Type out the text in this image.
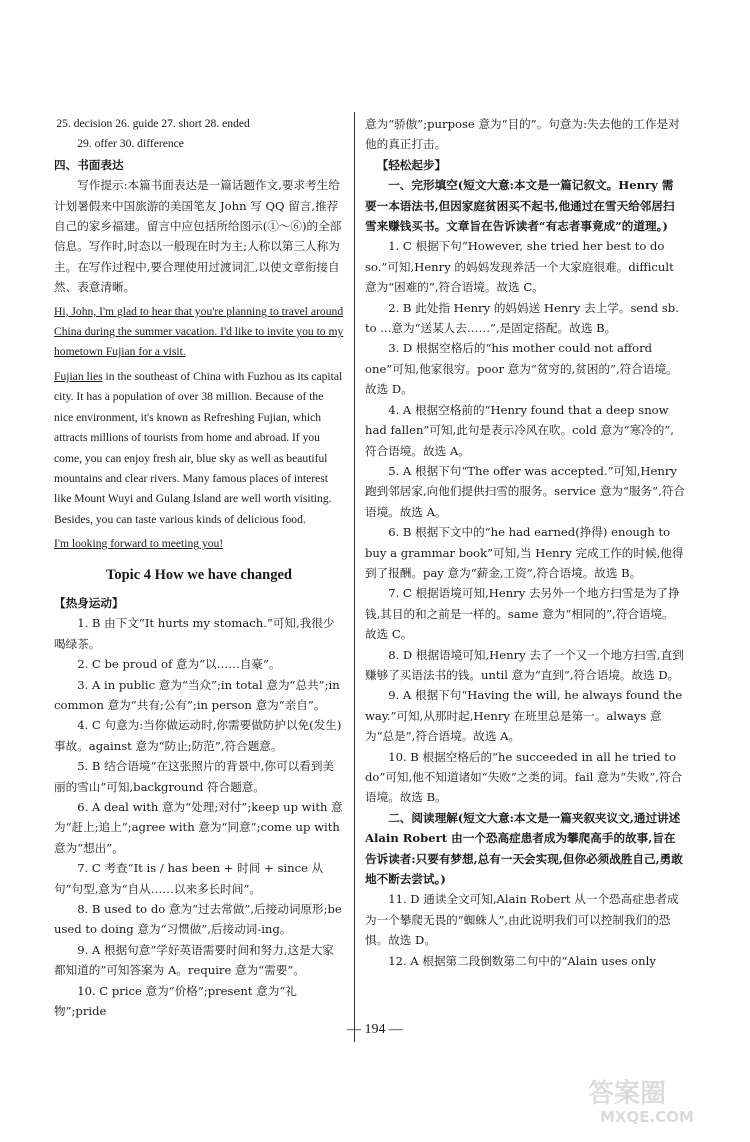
25. decision 26. guide 27. short 28. ended

29. offer 30. difference

四、书面表达

写作提示:本篇书面表达是一篇话题作文,要求考生给计划暑假来中国旅游的美国笔友 John 写 QQ 留言,推荐自己的家乡福建。留言中应包括所给图示(①～⑥)的全部信息。写作时,时态以一般现在时为主;人称以第三人称为主。在写作过程中,要合理使用过渡词汇,以使文章衔接自然、表意清晰。

Hi, John, I'm glad to hear that you're planning to travel around China during the summer vacation. I'd like to invite you to my hometown Fujian for a visit.

Fujian lies in the southeast of China with Fuzhou as its capital city. It has a population of over 38 million. Because of the nice environment, it's known as Refreshing Fujian, which attracts millions of tourists from home and abroad. If you come, you can enjoy fresh air, blue sky as well as beautiful mountains and clear rivers. Many famous places of interest like Mount Wuyi and Gulang Island are well worth visiting. Besides, you can taste various kinds of delicious food.

I'm looking forward to meeting you!

Topic 4 How we have changed

【热身运动】

1. B 由下文“It hurts my stomach.”可知,我很少喝绿茶。

2. C be proud of 意为“以……自豪”。

3. A in public 意为“当众”;in total 意为“总共”;in common 意为“共有;公有”;in person 意为“亲自”。

4. C 句意为:当你做运动时,你需要做防护以免(发生)事故。against 意为“防止;防范”,符合题意。

5. B 结合语境“在这张照片的背景中,你可以看到美丽的雪山”可知,background 符合题意。

6. A deal with 意为“处理;对付”;keep up with 意为“赶上;追上”;agree with 意为“同意”;come up with 意为“想出”。

7. C 考查“It is / has been + 时间 + since 从句”句型,意为“自从……以来多长时间”。

8. B used to do 意为“过去常做”,后接动词原形;be used to doing 意为“习惯做”,后接动词-ing。

9. A 根据句意“学好英语需要时间和努力,这是大家都知道的”可知答案为 A。require 意为“需要”。

10. C price 意为“价格”;present 意为“礼物”;pride

意为“骄傲”;purpose 意为“目的”。句意为:失去他的工作是对他的真正打击。

【轻松起步】

一、完形填空(短文大意:本文是一篇记叙文。Henry 需要一本语法书,但因家庭贫困买不起书,他通过在雪天给邻居扫雪来赚钱买书。文章旨在告诉读者“有志者事竟成”的道理。)

1. C 根据下句“However, she tried her best to do so.”可知,Henry 的妈妈发现养活一个大家庭很难。difficult 意为“困难的”,符合语境。故选 C。

2. B 此处指 Henry 的妈妈送 Henry 去上学。send sb. to ...意为“送某人去……”,是固定搭配。故选 B。

3. D 根据空格后的“his mother could not afford one”可知,他家很穷。poor 意为“贫穷的,贫困的”,符合语境。故选 D。

4. A 根据空格前的“Henry found that a deep snow had fallen”可知,此句是表示冷风在吹。cold 意为“寒冷的”,符合语境。故选 A。

5. A 根据下句“The offer was accepted.”可知,Henry 跑到邻居家,向他们提供扫雪的服务。service 意为“服务”,符合语境。故选 A。

6. B 根据下文中的“he had earned(挣得) enough to buy a grammar book”可知,当 Henry 完成工作的时候,他得到了报酬。pay 意为“薪金,工资”,符合语境。故选 B。

7. C 根据语境可知,Henry 去另外一个地方扫雪是为了挣钱,其目的和之前是一样的。same 意为“相同的”,符合语境。故选 C。

8. D 根据语境可知,Henry 去了一个又一个地方扫雪,直到赚够了买语法书的钱。until 意为“直到”,符合语境。故选 D。

9. A 根据下句“Having the will, he always found the way.”可知,从那时起,Henry 在班里总是第一。always 意为“总是”,符合语境。故选 A。

10. B 根据空格后的“he succeeded in all he tried to do”可知,他不知道诸如“失败”之类的词。fail 意为“失败”,符合语境。故选 B。

二、阅读理解(短文大意:本文是一篇夹叙夹议文,通过讲述 Alain Robert 由一个恐高症患者成为攀爬高手的故事,旨在告诉读者:只要有梦想,总有一天会实现,但你必须战胜自己,勇敢地不断去尝试。)

11. D 通读全文可知,Alain Robert 从一个恐高症患者成为一个攀爬无畏的“蜘蛛人”,由此说明我们可以控制我们的恐惧。故选 D。

12. A 根据第二段倒数第二句中的“Alain uses only

— 194 —
答案圈
MXQE.COM
